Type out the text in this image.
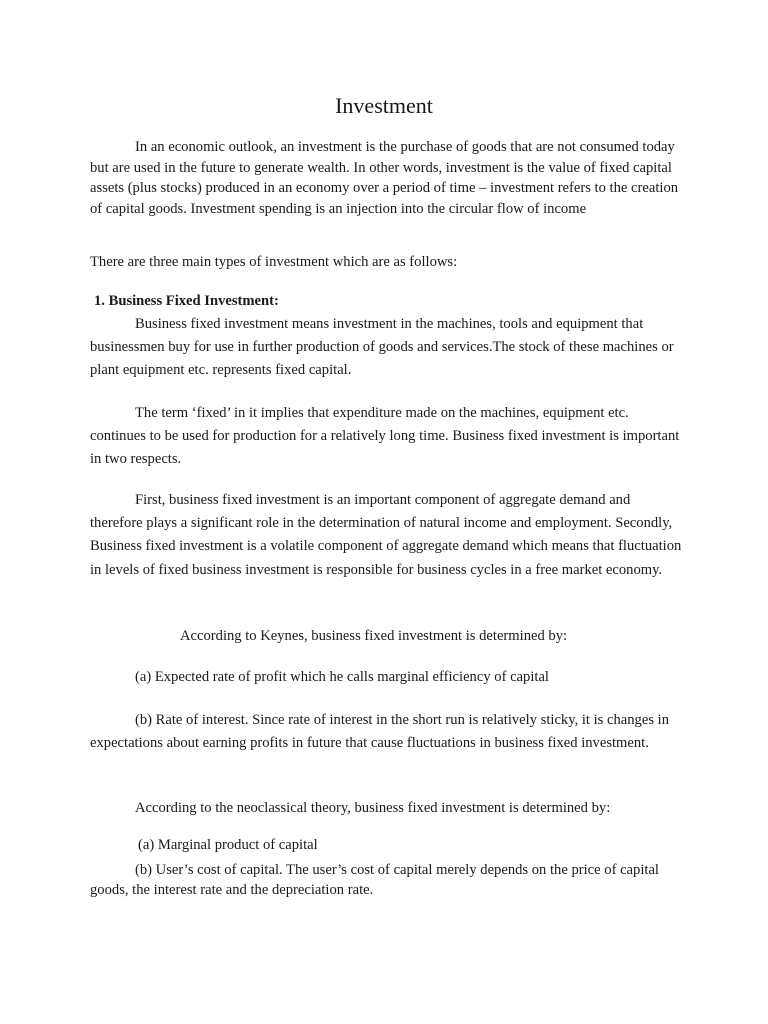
Investment

In an economic outlook, an investment is the purchase of goods that are not consumed today but are used in the future to generate wealth. In other words, investment is the value of fixed capital assets (plus stocks) produced in an economy over a period of time – investment refers to the creation of capital goods. Investment spending is an injection into the circular flow of income

There are three main types of investment which are as follows:

1. Business Fixed Investment:

Business fixed investment means investment in the machines, tools and equipment that businessmen buy for use in further production of goods and services.The stock of these machines or plant equipment etc. represents fixed capital.

The term ‘fixed’ in it implies that expenditure made on the machines, equipment etc. continues to be used for production for a relatively long time. Business fixed investment is important in two respects.

First, business fixed investment is an important component of aggregate demand and therefore plays a significant role in the determination of natural income and employment. Secondly, Business fixed investment is a volatile component of aggregate demand which means that fluctuation in levels of fixed business investment is responsible for business cycles in a free market economy.

According to Keynes, business fixed investment is determined by:

(a) Expected rate of profit which he calls marginal efficiency of capital

(b) Rate of interest. Since rate of interest in the short run is relatively sticky, it is changes in expectations about earning profits in future that cause fluctuations in business fixed investment.

According to the neoclassical theory, business fixed investment is determined by:

(a) Marginal product of capital

(b) User’s cost of capital. The user’s cost of capital merely depends on the price of capital goods, the interest rate and the depreciation rate.
